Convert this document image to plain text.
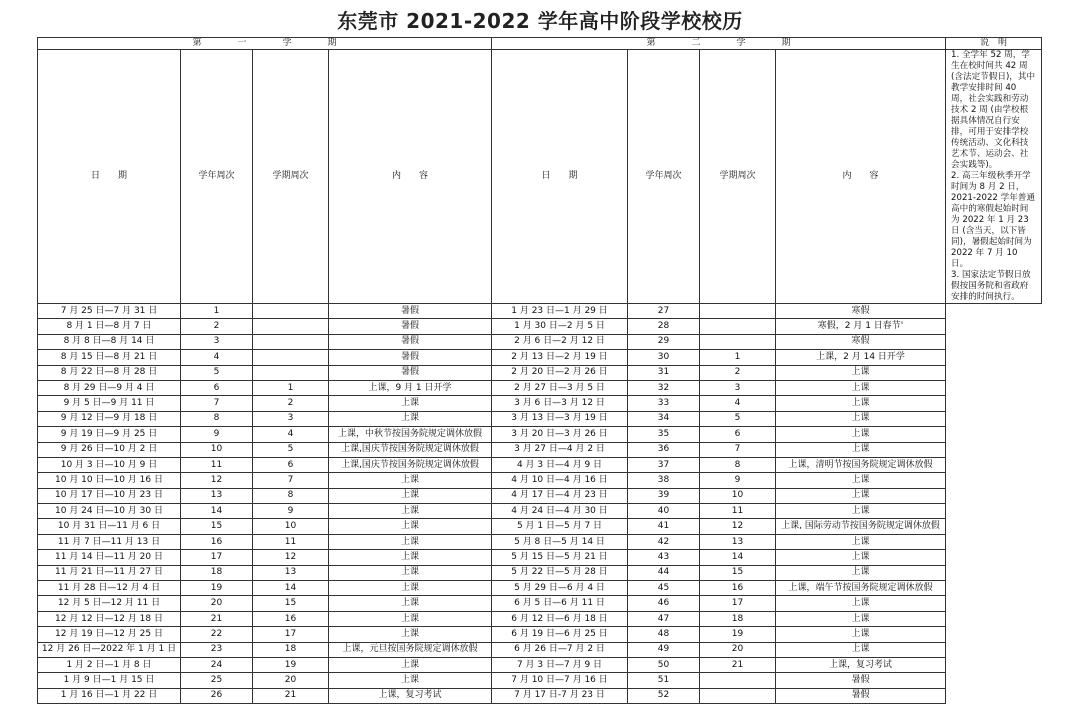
东莞市 2021-2022 学年高中阶段学校校历
第　　　　一　　　　学　　　　期				第　　　　二　　　　学　　　　期				说　明
日　　期	学年周次	学期周次	内　　容	日　　期	学年周次	学期周次	内　　容	1. 全学年 52 周，学生在校时间共 42 周 (含法定节假日)，其中教学安排时间 40 周，社会实践和劳动技术 2 周 (由学校根据具体情况自行安排，可用于安排学校传统活动、文化科技艺术节、运动会、社会实践等)。

2. 高三年级秋季开学时间为 8 月 2 日，2021-2022 学年普通高中的寒假起始时间为 2022 年 1 月 23 日 (含当天，以下皆同)，暑假起始时间为 2022 年 7 月 10 日。

3. 国家法定节假日放假按国务院和省政府安排的时间执行。

7 月 25 日—7 月 31 日	1		暑假	1 月 23 日—1 月 29 日	27		寒假	
8 月 1 日—8 月 7 日	2		暑假	1 月 30 日—2 月 5 日	28		寒假，2 月 1 日春节'	
8 月 8 日—8 月 14 日	3		暑假	2 月 6 日—2 月 12 日	29		寒假	
8 月 15 日—8 月 21 日	4		暑假	2 月 13 日—2 月 19 日	30	1	上课，2 月 14 日开学	
8 月 22 日—8 月 28 日	5		暑假	2 月 20 日—2 月 26 日	31	2	上课	
8 月 29 日—9 月 4 日	6	1	上课，9 月 1 日开学	2 月 27 日—3 月 5 日	32	3	上课	
9 月 5 日—9 月 11 日	7	2	上课	3 月 6 日—3 月 12 日	33	4	上课	
9 月 12 日—9 月 18 日	8	3	上课	3 月 13 日—3 月 19 日	34	5	上课	
9 月 19 日—9 月 25 日	9	4	上课，中秋节按国务院规定调休放假	3 月 20 日—3 月 26 日	35	6	上课	
9 月 26 日—10 月 2 日	10	5	上课,国庆节按国务院规定调休放假	3 月 27 日—4 月 2 日	36	7	上课	
10 月 3 日—10 月 9 日	11	6	上课,国庆节按国务院规定调休放假	4 月 3 日—4 月 9 日	37	8	上课，清明节按国务院规定调休放假	
10 月 10 日—10 月 16 日	12	7	上课	4 月 10 日—4 月 16 日	38	9	上课	
10 月 17 日—10 月 23 日	13	8	上课	4 月 17 日—4 月 23 日	39	10	上课	
10 月 24 日—10 月 30 日	14	9	上课	4 月 24 日—4 月 30 日	40	11	上课	
10 月 31 日—11 月 6 日	15	10	上课	5 月 1 日—5 月 7 日	41	12	上课, 国际劳动节按国务院规定调休放假	
11 月 7 日—11 月 13 日	16	11	上课	5 月 8 日—5 月 14 日	42	13	上课	
11 月 14 日—11 月 20 日	17	12	上课	5 月 15 日—5 月 21 日	43	14	上课	
11 月 21 日—11 月 27 日	18	13	上课	5 月 22 日—5 月 28 日	44	15	上课	
11 月 28 日—12 月 4 日	19	14	上课	5 月 29 日—6 月 4 日	45	16	上课，端午节按国务院规定调休放假	
12 月 5 日—12 月 11 日	20	15	上课	6 月 5 日—6 月 11 日	46	17	上课	
12 月 12 日—12 月 18 日	21	16	上课	6 月 12 日—6 月 18 日	47	18	上课	
12 月 19 日—12 月 25 日	22	17	上课	6 月 19 日—6 月 25 日	48	19	上课	
12 月 26 日—2022 年 1 月 1 日	23	18	上课，元旦按国务院规定调休放假	6 月 26 日—7 月 2 日	49	20	上课	
1 月 2 日—1 月 8 日	24	19	上课	7 月 3 日—7 月 9 日	50	21	上课，复习考试	
1 月 9 日—1 月 15 日	25	20	上课	7 月 10 日—7 月 16 日	51		暑假	
1 月 16 日—1 月 22 日	26	21	上课，复习考试	7 月 17 日-7 月 23 日	52		暑假	
